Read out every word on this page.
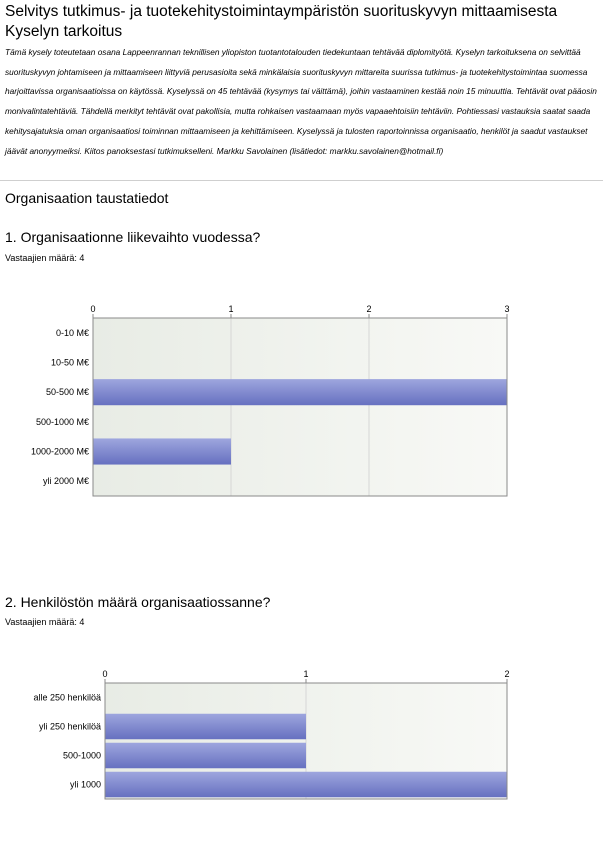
Selvitys tutkimus- ja tuotekehitystoimintaympäristön suorituskyvyn mittaamisesta
Kyselyn tarkoitus
Tämä kysely toteutetaan osana Lappeenrannan teknillisen yliopiston tuotantotalouden tiedekuntaan tehtävää diplomityötä. Kyselyn tarkoituksena on selvittää suorituskyvyn johtamiseen ja mittaamiseen liittyviä perusasioita sekä minkälaisia suorituskyvyn mittareita suurissa tutkimus- ja tuotekehitystoimintaa suomessa harjoittavissa organisaatioissa on käytössä. Kyselyssä on 45 tehtävää (kysymys tai väittämä), joihin vastaaminen kestää noin 15 minuuttia. Tehtävät ovat pääosin monivalintatehtäviä. Tähdellä merkityt tehtävät ovat pakollisia, mutta rohkaisen vastaamaan myös vapaaehtoisiin tehtäviin. Pohtiessasi vastauksia saatat saada kehitysajatuksia oman organisaatiosi toiminnan mittaamiseen ja kehittämiseen. Kyselyssä ja tulosten raportoinnissa organisaatio, henkilöt ja saadut vastaukset jäävät anonyymeiksi. Kiitos panoksestasi tutkimukselleni. Markku Savolainen (lisätiedot: markku.savolainen@hotmail.fi)
Organisaation taustatiedot
1. Organisaationne liikevaihto vuodessa?
Vastaajien määrä: 4
0	1	2	3
0-10 M€
10-50 M€
50-500 M€
500-1000 M€
1000-2000 M€
yli 2000 M€
2. Henkilöstön määrä organisaatiossanne?
Vastaajien määrä: 4
0	1	2
alle 250 henkilöä
yli 250 henkilöä
500-1000
yli 1000
